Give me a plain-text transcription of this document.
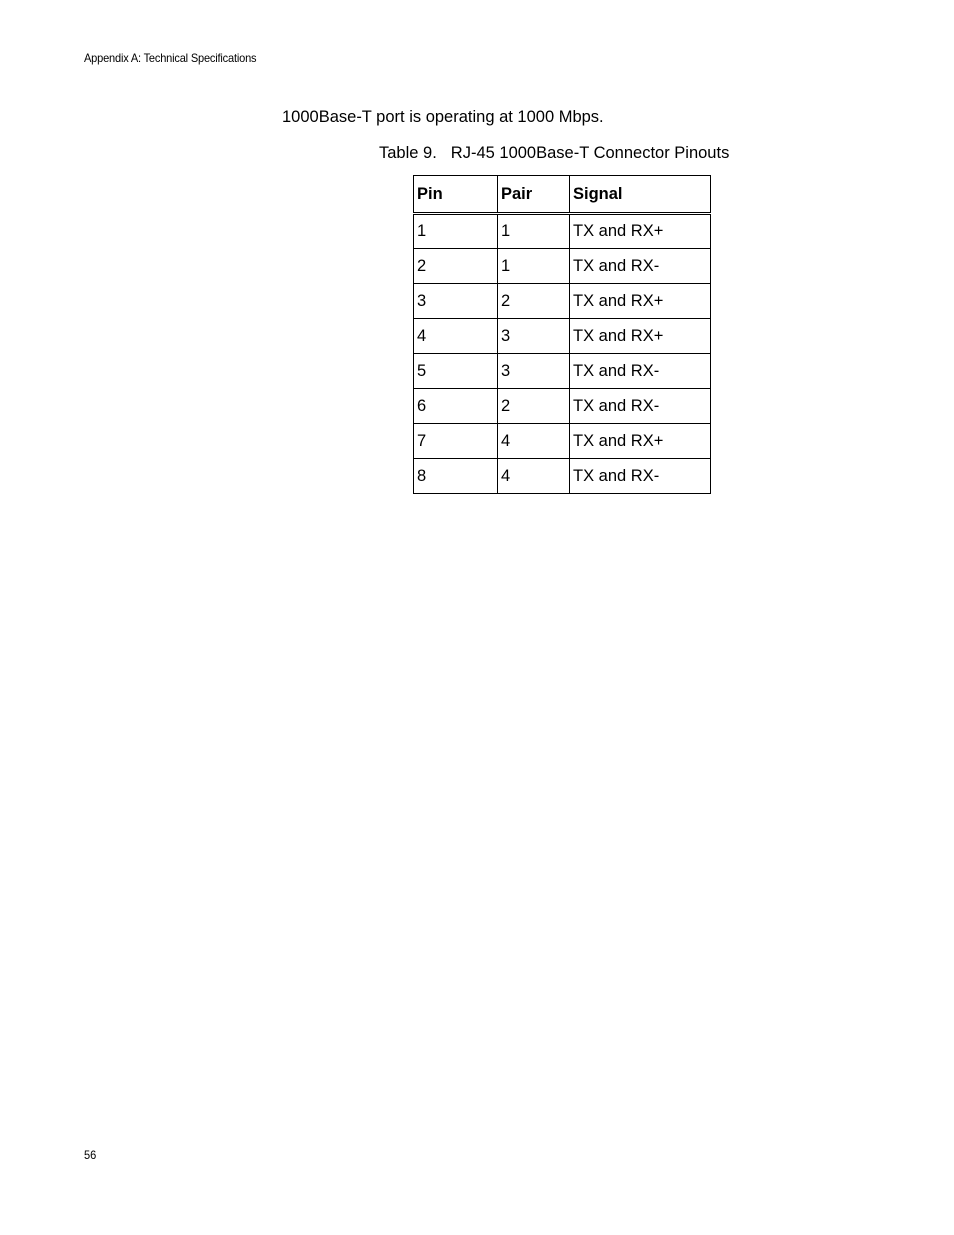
Appendix A: Technical Specifications
1000Base-T port is operating at 1000 Mbps.
Table 9. RJ-45 1000Base-T Connector Pinouts
Pin	Pair	Signal
1	1	TX and RX+
2	1	TX and RX-
3	2	TX and RX+
4	3	TX and RX+
5	3	TX and RX-
6	2	TX and RX-
7	4	TX and RX+
8	4	TX and RX-
56
